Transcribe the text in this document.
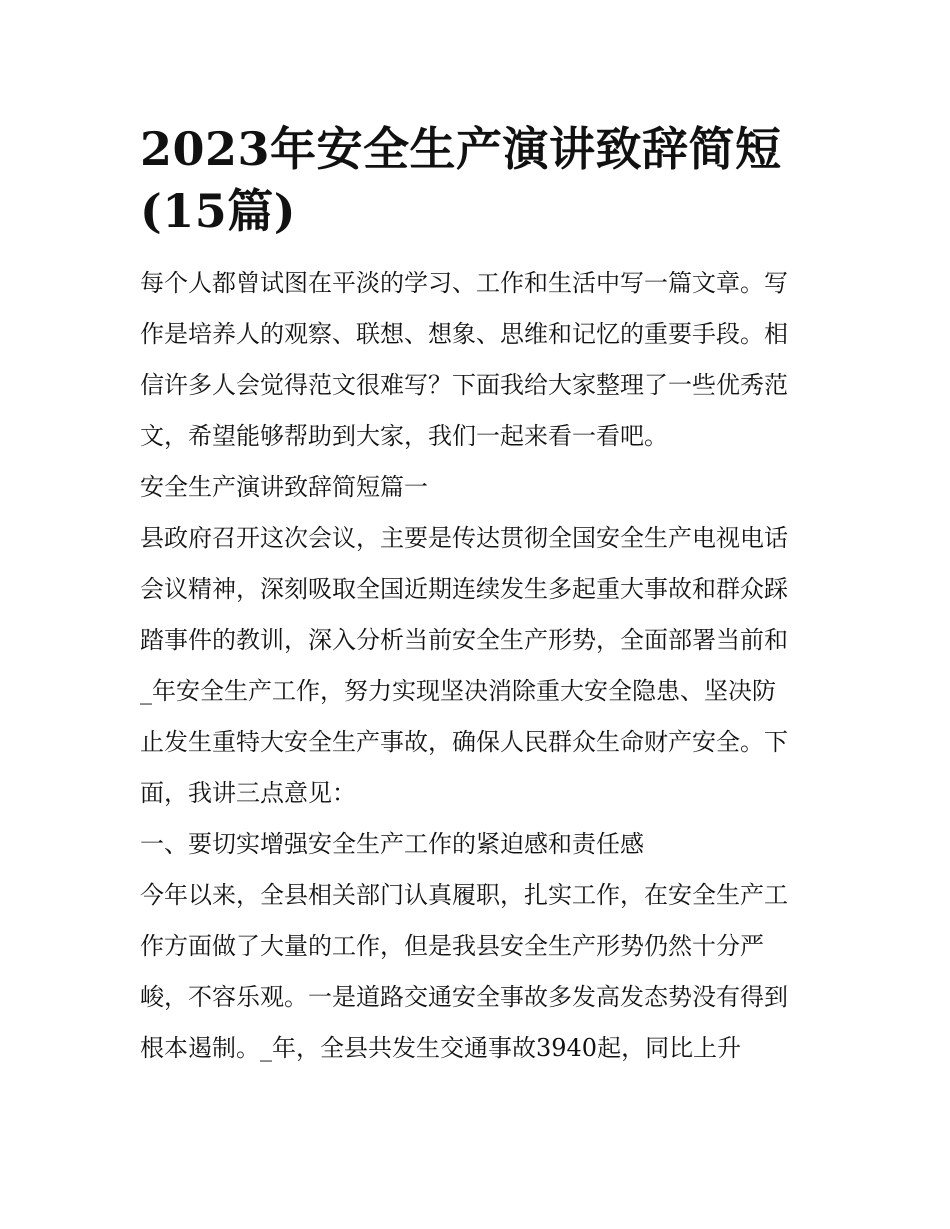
2023年安全生产演讲致辞简短
(15篇)

每个人都曾试图在平淡的学习、工作和生活中写一篇文章。写

作是培养人的观察、联想、想象、思维和记忆的重要手段。相

信许多人会觉得范文很难写？下面我给大家整理了一些优秀范

文，希望能够帮助到大家，我们一起来看一看吧。

安全生产演讲致辞简短篇一

县政府召开这次会议，主要是传达贯彻全国安全生产电视电话

会议精神，深刻吸取全国近期连续发生多起重大事故和群众踩

踏事件的教训，深入分析当前安全生产形势，全面部署当前和

_年安全生产工作，努力实现坚决消除重大安全隐患、坚决防

止发生重特大安全生产事故，确保人民群众生命财产安全。下

面，我讲三点意见：

一、要切实增强安全生产工作的紧迫感和责任感

今年以来，全县相关部门认真履职，扎实工作，在安全生产工

作方面做了大量的工作，但是我县安全生产形势仍然十分严

峻，不容乐观。一是道路交通安全事故多发高发态势没有得到

根本遏制。_年，全县共发生交通事故3940起，同比上升
